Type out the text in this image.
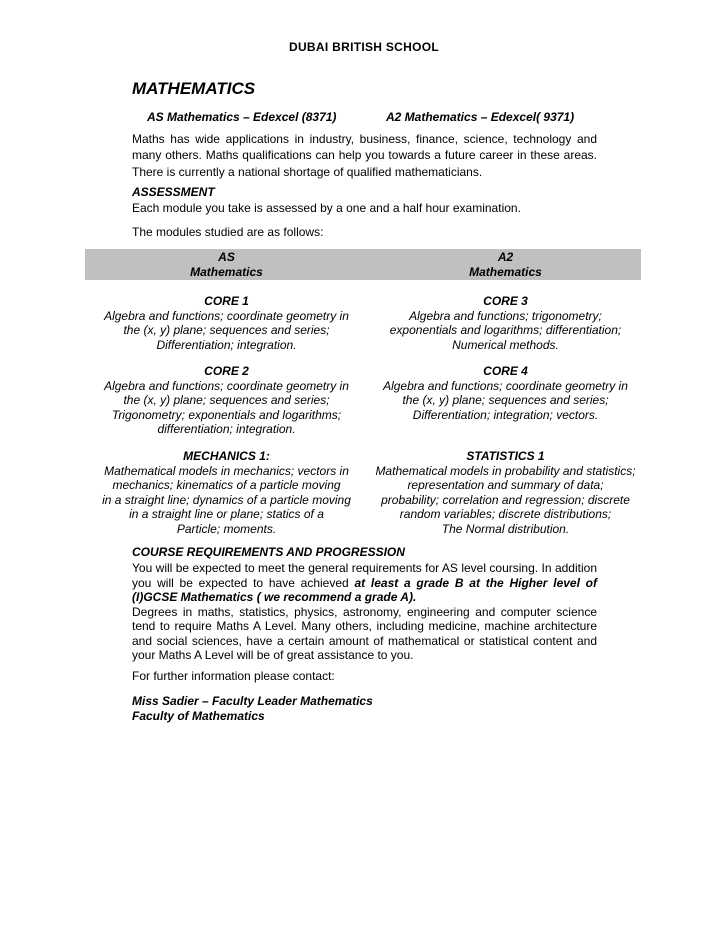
DUBAI BRITISH SCHOOL
MATHEMATICS
AS Mathematics – Edexcel (8371)	A2 Mathematics – Edexcel( 9371)
Maths has wide applications in industry, business, finance, science, technology and many others. Maths qualifications can help you towards a future career in these areas. There is currently a national shortage of qualified mathematicians.
ASSESSMENT
Each module you take is assessed by a one and a half hour examination.
The modules studied are as follows:
AS
Mathematics
A2
Mathematics
CORE 1
Algebra and functions; coordinate geometry in
the (x, y) plane; sequences and series;
Differentiation; integration.
CORE 3
Algebra and functions; trigonometry;
exponentials and logarithms; differentiation;
Numerical methods.
CORE 2
Algebra and functions; coordinate geometry in
the (x, y) plane; sequences and series;
Trigonometry; exponentials and logarithms;
differentiation; integration.
CORE 4
Algebra and functions; coordinate geometry in
the (x, y) plane; sequences and series;
Differentiation; integration; vectors.
MECHANICS 1:
Mathematical models in mechanics; vectors in
mechanics; kinematics of a particle moving
in a straight line; dynamics of a particle moving
in a straight line or plane; statics of a
Particle; moments.
STATISTICS 1
Mathematical models in probability and statistics;
representation and summary of data;
probability; correlation and regression; discrete
random variables; discrete distributions;
The Normal distribution.
COURSE REQUIREMENTS AND PROGRESSION
You will be expected to meet the general requirements for AS level coursing. In addition you will be expected to have achieved at least a grade B at the Higher level of (I)GCSE Mathematics ( we recommend a grade A).
Degrees in maths, statistics, physics, astronomy, engineering and computer science tend to require Maths A Level. Many others, including medicine, machine architecture and social sciences, have a certain amount of mathematical or statistical content and your Maths A Level will be of great assistance to you.
For further information please contact:
Miss Sadier – Faculty Leader Mathematics
Faculty of Mathematics
